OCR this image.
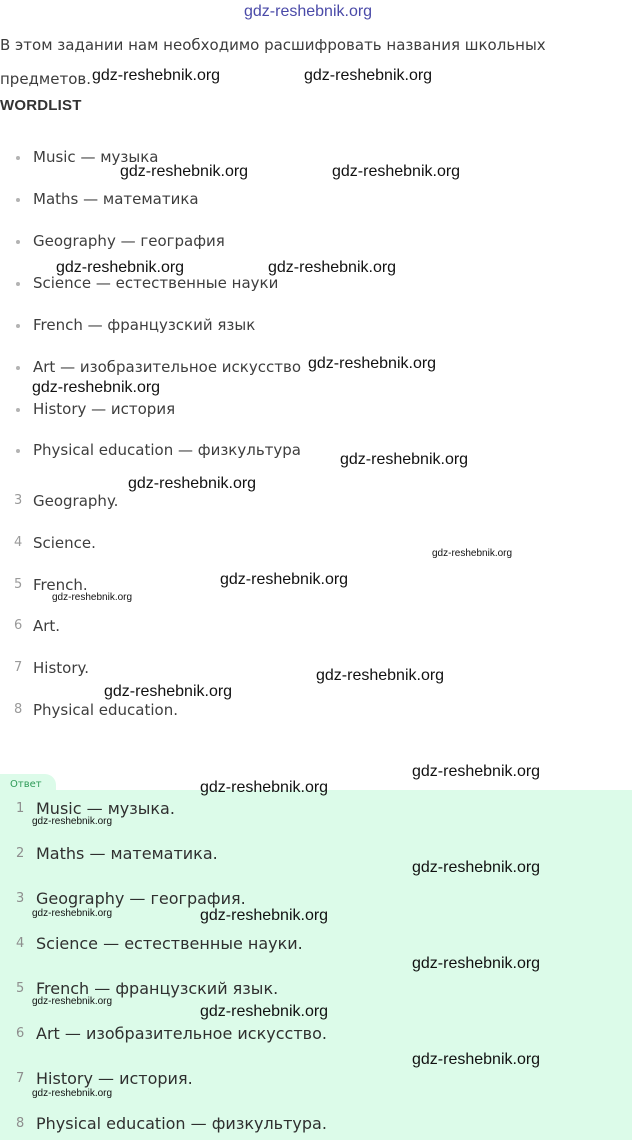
gdz-reshebnik.org
В этом задании нам необходимо расшифровать названия школьных предметов.
WORDLIST
Music — музыка
Maths — математика
Geography — география
Science — естественные науки
French — французский язык
Art — изобразительное искусство
History — история
Physical education — физкультура
3 Geography.
4 Science.
5 French.
6 Art.
7 History.
8 Physical education.
Ответ
1 Music — музыка.
2 Maths — математика.
3 Geography — география.
4 Science — естественные науки.
5 French — французский язык.
6 Art — изобразительное искусство.
7 History — история.
8 Physical education — физкультура.
gdz-reshebnik.org	gdz-reshebnik.org
gdz-reshebnik.org	gdz-reshebnik.org
gdz-reshebnik.org	gdz-reshebnik.org
gdz-reshebnik.org
gdz-reshebnik.org
gdz-reshebnik.org
gdz-reshebnik.org
gdz-reshebnik.org
gdz-reshebnik.org
gdz-reshebnik.org
gdz-reshebnik.org
gdz-reshebnik.org
gdz-reshebnik.org
gdz-reshebnik.org
gdz-reshebnik.org
gdz-reshebnik.org
gdz-reshebnik.org
gdz-reshebnik.org
gdz-reshebnik.org
gdz-reshebnik.org
gdz-reshebnik.org
gdz-reshebnik.org
gdz-reshebnik.org
